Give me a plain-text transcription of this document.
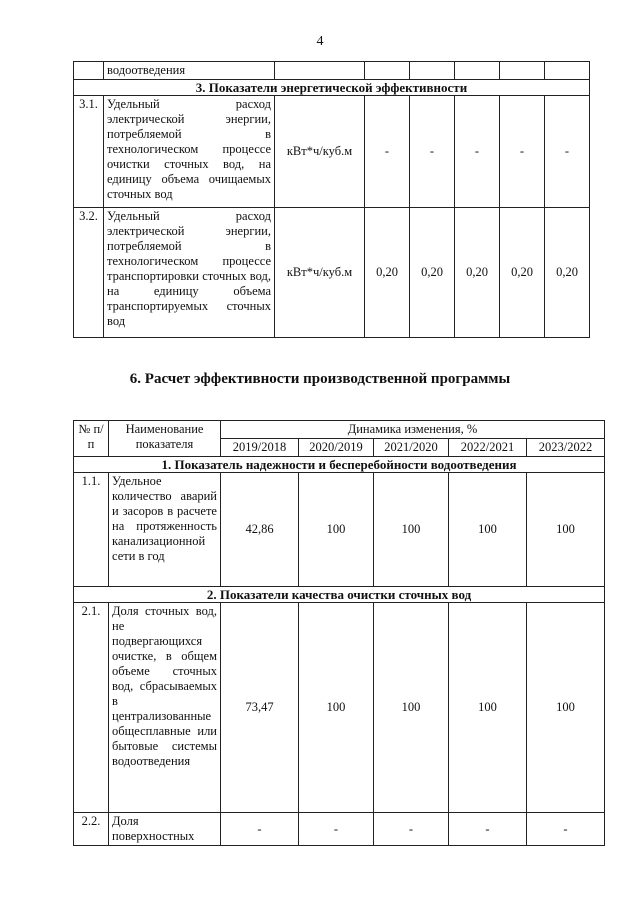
4
	водоотведения						
3. Показатели энергетической эффективности							
3.1.	Удельный расход электрической энергии, потребляемой в технологическом процессе очистки сточных вод, на единицу объема очищаемых сточных вод	кВт*ч/куб.м	-	-	-	-	-
3.2.	Удельный расход электрической энергии, потребляемой в технологическом процессе транспортировки сточных вод, на единицу объема транспортируемых сточных вод	кВт*ч/куб.м	0,20	0,20	0,20	0,20	0,20
6. Расчет эффективности производственной программы
№ п/п	Наименование показателя	Динамика изменения, %				
		2019/2018	2020/2019	2021/2020	2022/2021	2023/2022
1. Показатель надежности и бесперебойности водоотведения						
1.1.	Удельное количество аварий и засоров в расчете на протяженность канализационной сети в год	42,86	100	100	100	100
2. Показатели качества очистки сточных вод						
2.1.	Доля сточных вод, не подвергающихся очистке, в общем объеме сточных вод, сбрасываемых в централизованные общесплавные или бытовые системы водоотведения	73,47	100	100	100	100
2.2.	Доля поверхностных	-	-	-	-	-
